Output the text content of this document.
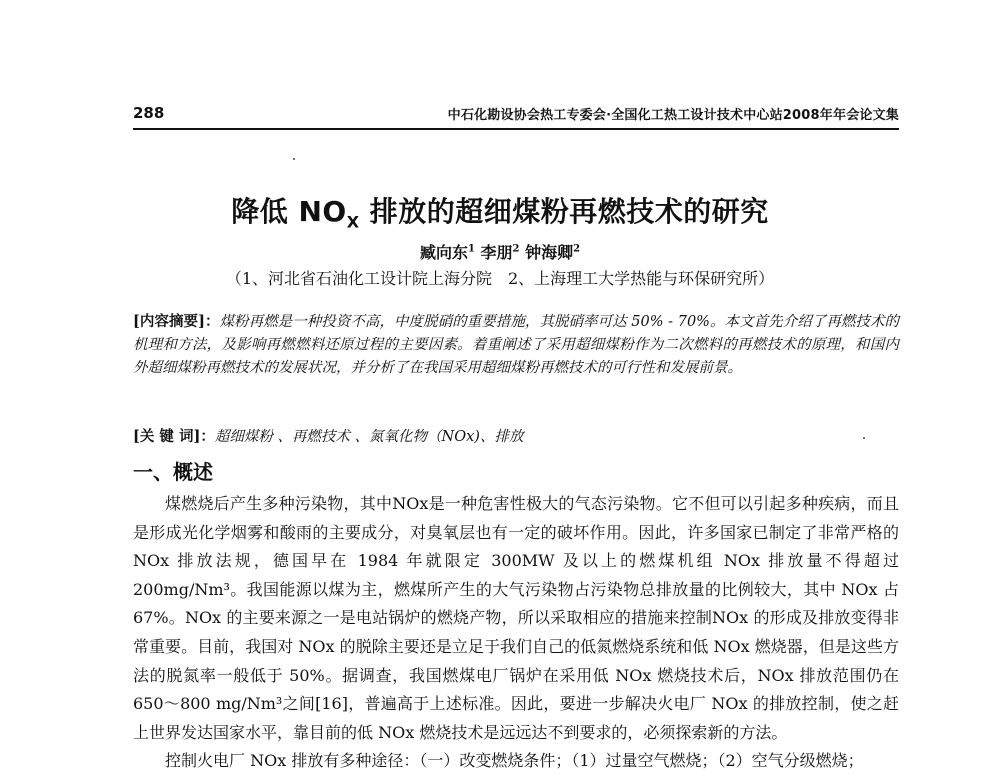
288	中石化勘设协会热工专委会·全国化工热工设计技术中心站2008年年会论文集
降低 $NO_X$ 排放的超细煤粉再燃技术的研究
臧向东$^1$ 李朋$^2$ 钟海卿$^2$
（1、河北省石油化工设计院上海分院　2、上海理工大学热能与环保研究所）
[内容摘要]：煤粉再燃是一种投资不高，中度脱硝的重要措施，其脱硝率可达 50% - 70%。本文首先介绍了再燃技术的机理和方法，及影响再燃燃料还原过程的主要因素。着重阐述了采用超细煤粉作为二次燃料的再燃技术的原理，和国内外超细煤粉再燃技术的发展状况，并分析了在我国采用超细煤粉再燃技术的可行性和发展前景。
[关 键 词]：超细煤粉 、再燃技术 、氮氧化物（NOx)、排放
一、概述

煤燃烧后产生多种污染物，其中NOx是一种危害性极大的气态污染物。它不但可以引起多种疾病，而且是形成光化学烟雾和酸雨的主要成分，对臭氧层也有一定的破坏作用。因此，许多国家已制定了非常严格的 NOx 排放法规，德国早在 1984 年就限定 300MW 及以上的燃煤机组 NOx 排放量不得超过 200mg/Nm³。我国能源以煤为主，燃煤所产生的大气污染物占污染物总排放量的比例较大，其中 NOx 占 67%。NOx 的主要来源之一是电站锅炉的燃烧产物，所以采取相应的措施来控制NOx 的形成及排放变得非常重要。目前，我国对 NOx 的脱除主要还是立足于我们自己的低氮燃烧系统和低 NOx 燃烧器，但是这些方法的脱氮率一般低于 50%。据调查，我国燃煤电厂锅炉在采用低 NOx 燃烧技术后，NOx 排放范围仍在 650～800 mg/Nm³之间[16]，普遍高于上述标准。因此，要进一步解决火电厂 NOx 的排放控制，使之赶上世界发达国家水平，靠目前的低 NOx 燃烧技术是远远达不到要求的，必须探索新的方法。

控制火电厂 NOx 排放有多种途径：（一）改变燃烧条件；（1）过量空气燃烧；（2）空气分级燃烧；
